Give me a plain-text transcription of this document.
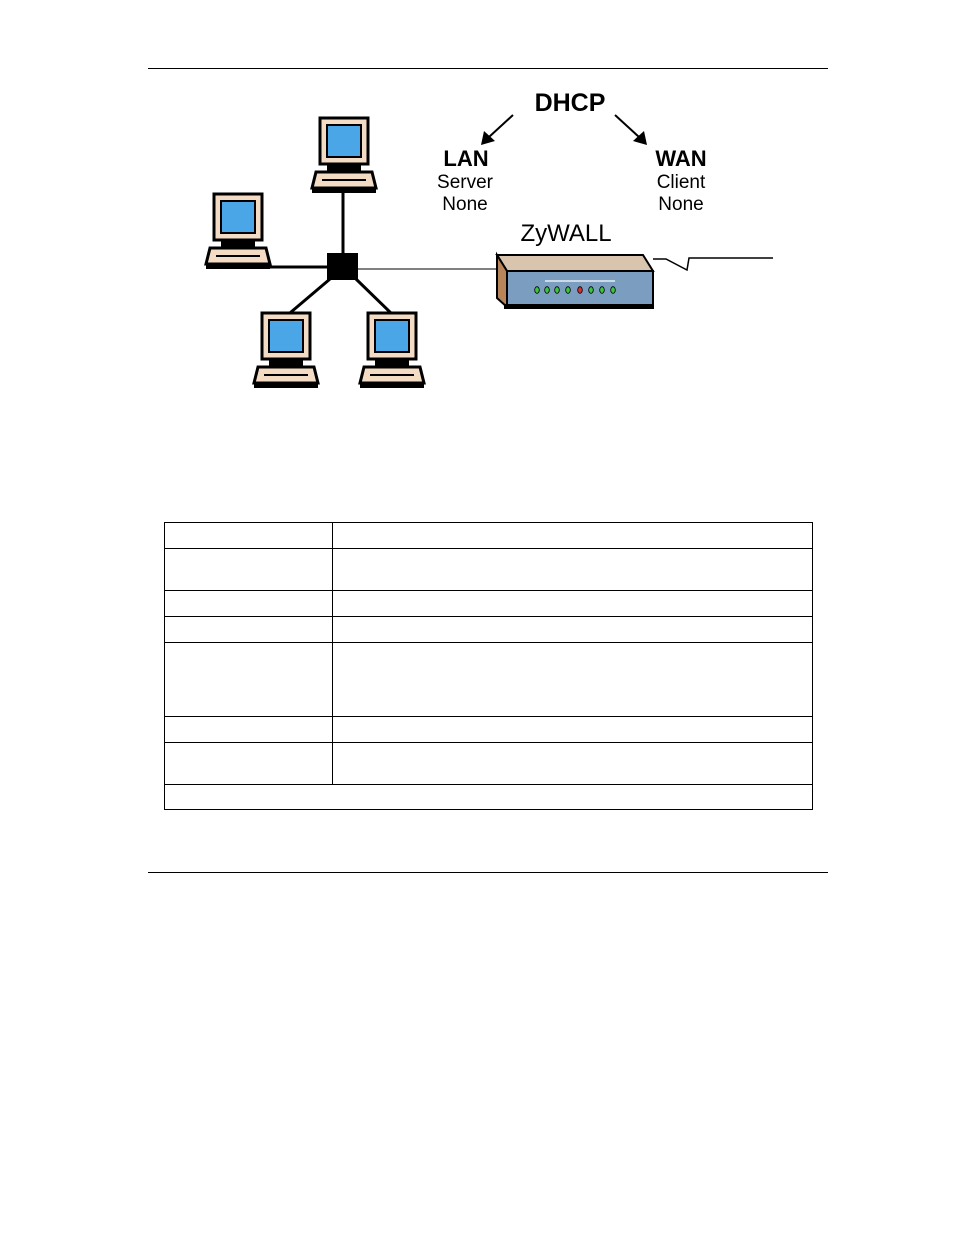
DHCP
LAN
Server
None
WAN
Client
None
ZyWALL
